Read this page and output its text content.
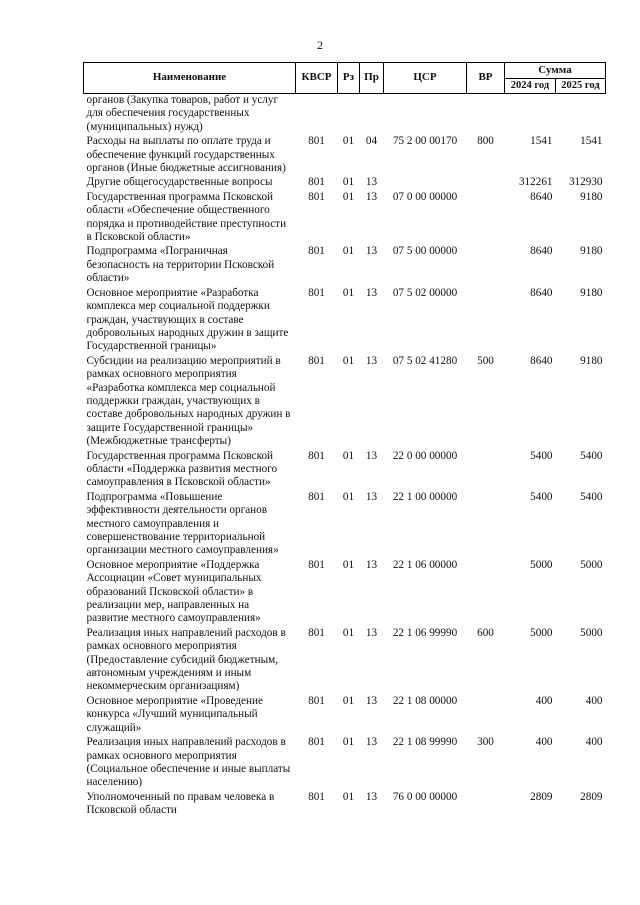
2
Наименование	КВСР	Рз	Пр	ЦСР	ВР	Сумма	
						2024 год	2025 год
органов (Закупка товаров, работ и услуг для обеспечения государственных (муниципальных) нужд)							
Расходы на выплаты по оплате труда и обеспечение функций государственных органов (Иные бюджетные ассигнования)	801	01	04	75 2 00 00170	800	1541	1541
Другие общегосударственные вопросы	801	01	13			312261	312930
Государственная программа Псковской области «Обеспечение общественного порядка и противодействие преступности в Псковской области»	801	01	13	07 0 00 00000		8640	9180
Подпрограмма «Пограничная безопасность на территории Псковской области»	801	01	13	07 5 00 00000		8640	9180
Основное мероприятие «Разработка комплекса мер социальной поддержки граждан, участвующих в составе добровольных народных дружин в защите Государственной границы»	801	01	13	07 5 02 00000		8640	9180
Субсидии на реализацию мероприятий в рамках основного мероприятия «Разработка комплекса мер социальной поддержки граждан, участвующих в составе добровольных народных дружин в защите Государственной границы» (Межбюджетные трансферты)	801	01	13	07 5 02 41280	500	8640	9180
Государственная программа Псковской области «Поддержка развития местного самоуправления в Псковской области»	801	01	13	22 0 00 00000		5400	5400
Подпрограмма «Повышение эффективности деятельности органов местного самоуправления и совершенствование территориальной организации местного самоуправления»	801	01	13	22 1 00 00000		5400	5400
Основное мероприятие «Поддержка Ассоциации «Совет муниципальных образований Псковской области» в реализации мер, направленных на развитие местного самоуправления»	801	01	13	22 1 06 00000		5000	5000
Реализация иных направлений расходов в рамках основного мероприятия (Предоставление субсидий бюджетным, автономным учреждениям и иным некоммерческим организациям)	801	01	13	22 1 06 99990	600	5000	5000
Основное мероприятие «Проведение конкурса «Лучший муниципальный служащий»	801	01	13	22 1 08 00000		400	400
Реализация иных направлений расходов в рамках основного мероприятия (Социальное обеспечение и иные выплаты населению)	801	01	13	22 1 08 99990	300	400	400
Уполномоченный по правам человека в Псковской области	801	01	13	76 0 00 00000		2809	2809
